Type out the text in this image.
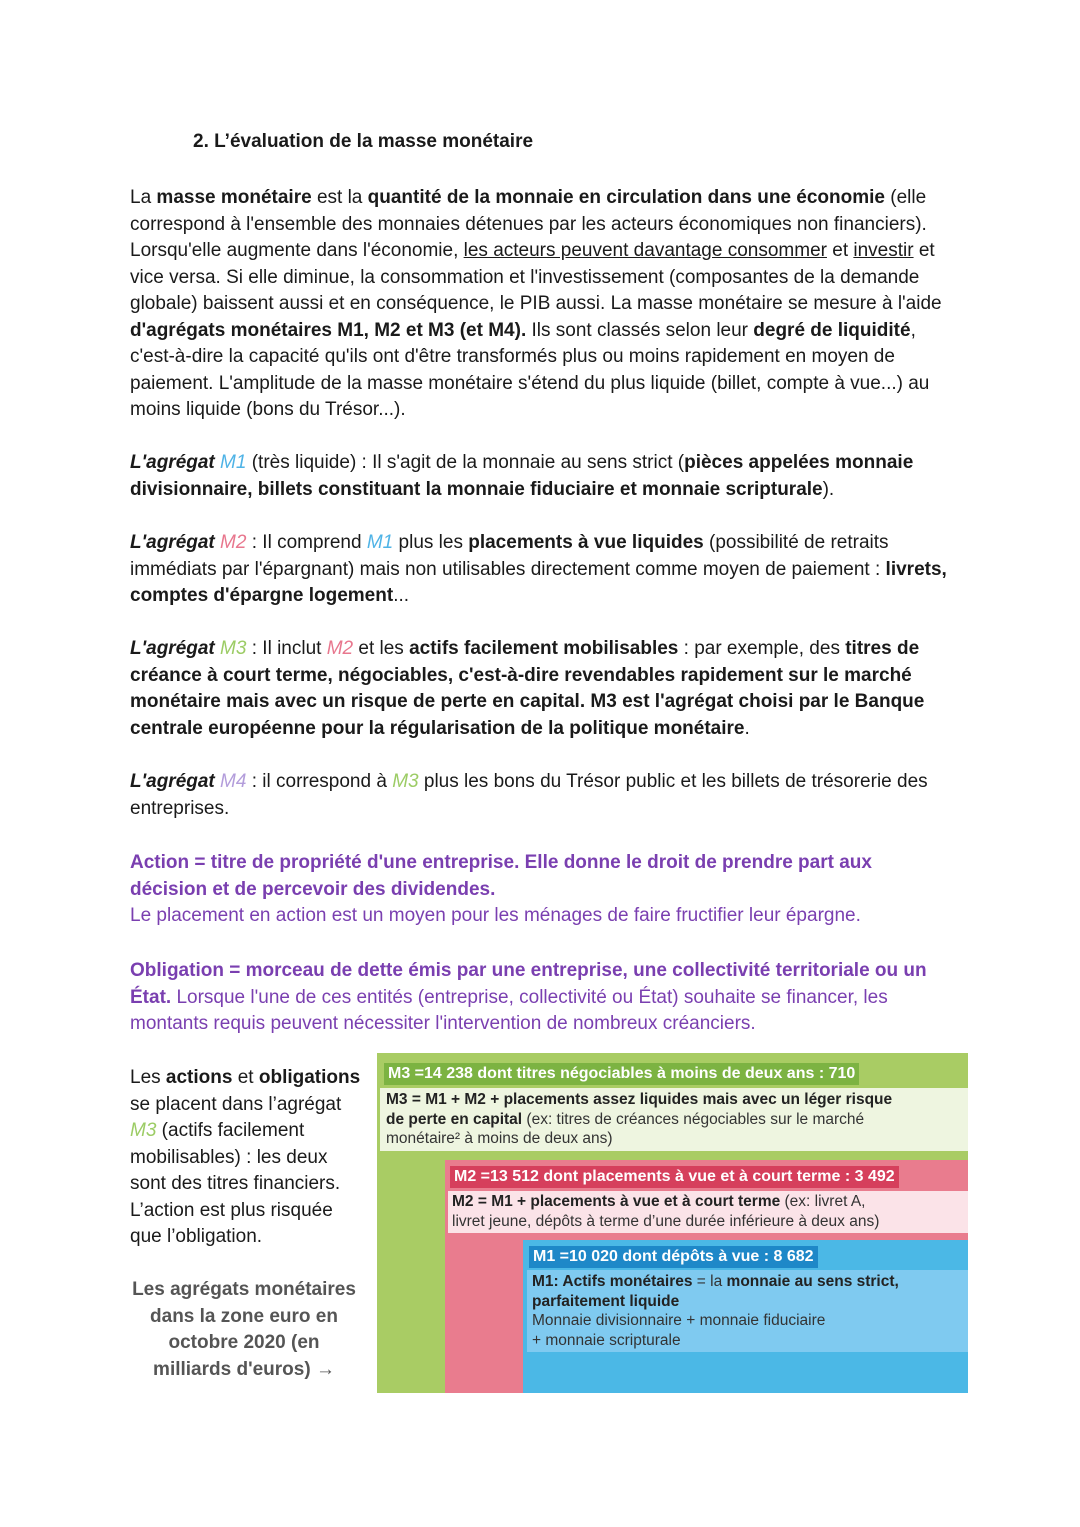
2. L’évaluation de la masse monétaire

La masse monétaire est la quantité de la monnaie en circulation dans une économie (elle correspond à l'ensemble des monnaies détenues par les acteurs économiques non financiers). Lorsqu'elle augmente dans l'économie, les acteurs peuvent davantage consommer et investir et vice versa. Si elle diminue, la consommation et l'investissement (composantes de la demande globale) baissent aussi et en conséquence, le PIB aussi. La masse monétaire se mesure à l'aide d'agrégats monétaires M1, M2 et M3 (et M4). Ils sont classés selon leur degré de liquidité, c'est-à-dire la capacité qu'ils ont d'être transformés plus ou moins rapidement en moyen de paiement. L'amplitude de la masse monétaire s'étend du plus liquide (billet, compte à vue...) au moins liquide (bons du Trésor...).

L'agrégat M1 (très liquide) : Il s'agit de la monnaie au sens strict (pièces appelées monnaie divisionnaire, billets constituant la monnaie fiduciaire et monnaie scripturale).

L'agrégat M2 : Il comprend M1 plus les placements à vue liquides (possibilité de retraits immédiats par l'épargnant) mais non utilisables directement comme moyen de paiement : livrets, comptes d'épargne logement...

L'agrégat M3 : Il inclut M2 et les actifs facilement mobilisables : par exemple, des titres de créance à court terme, négociables, c'est-à-dire revendables rapidement sur le marché monétaire mais avec un risque de perte en capital. M3 est l'agrégat choisi par le Banque centrale européenne pour la régularisation de la politique monétaire.

L'agrégat M4 : il correspond à M3 plus les bons du Trésor public et les billets de trésorerie des entreprises.

Action = titre de propriété d'une entreprise. Elle donne le droit de prendre part aux décision et de percevoir des dividendes.
Le placement en action est un moyen pour les ménages de faire fructifier leur épargne.

Obligation = morceau de dette émis par une entreprise, une collectivité territoriale ou un État. Lorsque l'une de ces entités (entreprise, collectivité ou État) souhaite se financer, les montants requis peuvent nécessiter l'intervention de nombreux créanciers.

Les actions et obligations se placent dans l’agrégat M3 (actifs facilement mobilisables) : les deux sont des titres financiers. L’action est plus risquée que l’obligation.
Les agrégats monétaires dans la zone euro en octobre 2020 (en milliards d'euros) →
M3 =14 238 dont titres négociables à moins de deux ans : 710
M3 = M1 + M2 + placements assez liquides mais avec un léger risque
de perte en capital (ex: titres de créances négociables sur le marché
monétaire² à moins de deux ans)
M2 =13 512 dont placements à vue et à court terme : 3 492
M2 = M1 + placements à vue et à court terme (ex: livret A,
livret jeune, dépôts à terme d’une durée inférieure à deux ans)
M1 =10 020 dont dépôts à vue : 8 682
M1: Actifs monétaires = la monnaie au sens strict,
parfaitement liquide
Monnaie divisionnaire + monnaie fiduciaire
+ monnaie scripturale
